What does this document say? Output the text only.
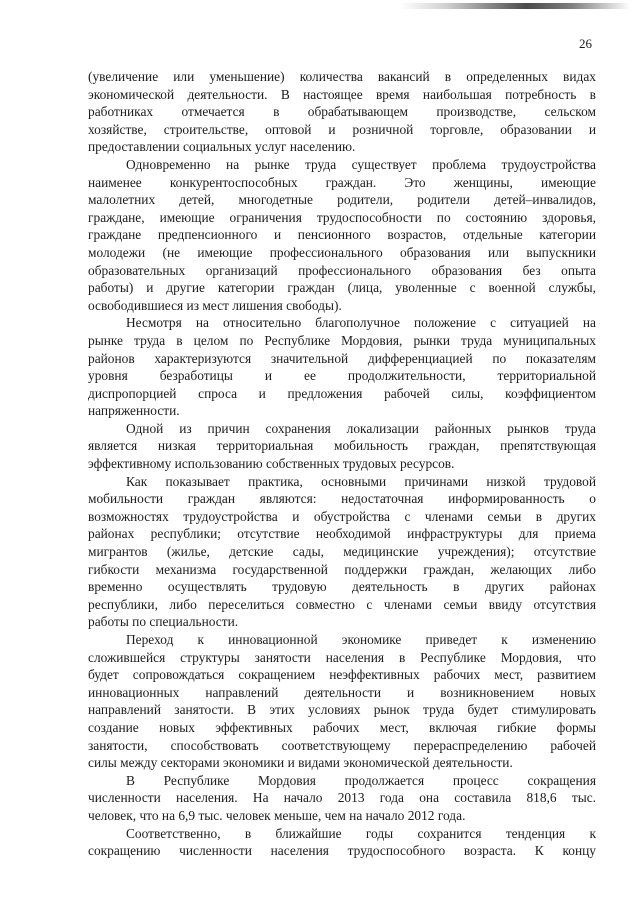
26

(увеличение или уменьшение) количества вакансий в определенных видах
экономической деятельности. В настоящее время наибольшая потребность в
работниках отмечается в обрабатывающем производстве, сельском
хозяйстве, строительстве, оптовой и розничной торговле, образовании и
предоставлении социальных услуг населению.

Одновременно на рынке труда существует проблема трудоустройства
наименее конкурентоспособных граждан. Это женщины, имеющие
малолетних детей, многодетные родители, родители детей–инвалидов,
граждане, имеющие ограничения трудоспособности по состоянию здоровья,
граждане предпенсионного и пенсионного возрастов, отдельные категории
молодежи (не имеющие профессионального образования или выпускники
образовательных организаций профессионального образования без опыта
работы) и другие категории граждан (лица, уволенные с военной службы,
освободившиеся из мест лишения свободы).

Несмотря на относительно благополучное положение с ситуацией на
рынке труда в целом по Республике Мордовия, рынки труда муниципальных
районов характеризуются значительной дифференциацией по показателям
уровня безработицы и ее продолжительности, территориальной
диспропорцией спроса и предложения рабочей силы, коэффициентом
напряженности.

Одной из причин сохранения локализации районных рынков труда
является низкая территориальная мобильность граждан, препятствующая
эффективному использованию собственных трудовых ресурсов.

Как показывает практика, основными причинами низкой трудовой
мобильности граждан являются: недостаточная информированность о
возможностях трудоустройства и обустройства с членами семьи в других
районах республики; отсутствие необходимой инфраструктуры для приема
мигрантов (жилье, детские сады, медицинские учреждения); отсутствие
гибкости механизма государственной поддержки граждан, желающих либо
временно осуществлять трудовую деятельность в других районах
республики, либо переселиться совместно с членами семьи ввиду отсутствия
работы по специальности.

Переход к инновационной экономике приведет к изменению
сложившейся структуры занятости населения в Республике Мордовия, что
будет сопровождаться сокращением неэффективных рабочих мест, развитием
инновационных направлений деятельности и возникновением новых
направлений занятости. В этих условиях рынок труда будет стимулировать
создание новых эффективных рабочих мест, включая гибкие формы
занятости, способствовать соответствующему перераспределению рабочей
силы между секторами экономики и видами экономической деятельности.

В Республике Мордовия продолжается процесс сокращения
численности населения. На начало 2013 года она составила 818,6 тыс.
человек, что на 6,9 тыс. человек меньше, чем на начало 2012 года.

Соответственно, в ближайшие годы сохранится тенденция к
сокращению численности населения трудоспособного возраста. К концу
